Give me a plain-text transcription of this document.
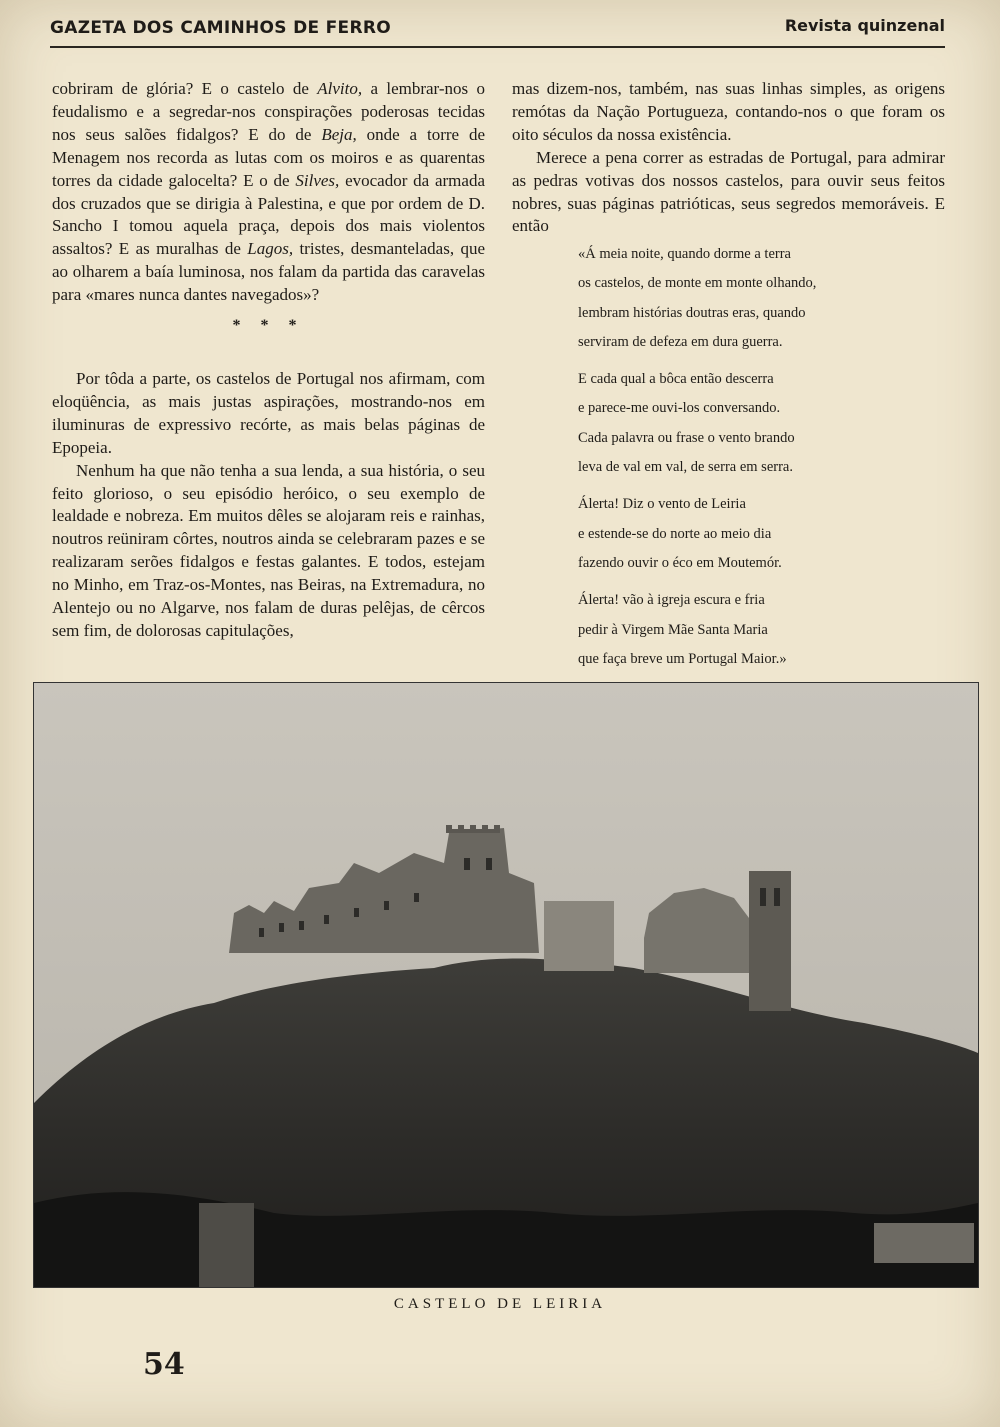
GAZETA DOS CAMINHOS DE FERRO	Revista quinzenal

cobriram de glória? E o castelo de Alvito, a lembrar-nos o feudalismo e a segredar-nos conspirações poderosas tecidas nos seus salões fidalgos? E do de Beja, onde a torre de Menagem nos recorda as lutas com os moiros e as quarentas torres da cidade galocelta? E o de Silves, evocador da armada dos cruzados que se dirigia à Palestina, e que por ordem de D. Sancho I tomou aquela praça, depois dos mais violentos assaltos? E as muralhas de Lagos, tristes, desmanteladas, que ao olharem a baía luminosa, nos falam da partida das caravelas para «mares nunca dantes navegados»?

* * *

Por tôda a parte, os castelos de Portugal nos afirmam, com eloqüência, as mais justas aspirações, mostrando-nos em iluminuras de expressivo recórte, as mais belas páginas de Epopeia.

Nenhum ha que não tenha a sua lenda, a sua história, o seu feito glorioso, o seu episódio heróico, o seu exemplo de lealdade e nobreza. Em muitos dêles se alojaram reis e rainhas, noutros reüniram côrtes, noutros ainda se celebraram pazes e se realizaram serões fidalgos e festas galantes. E todos, estejam no Minho, em Traz-os-Montes, nas Beiras, na Extremadura, no Alentejo ou no Algarve, nos falam de duras pelêjas, de cêrcos sem fim, de dolorosas capitulações,

mas dizem-nos, também, nas suas linhas simples, as origens remótas da Nação Portugueza, contando-nos o que foram os oito séculos da nossa existência.

Merece a pena correr as estradas de Portugal, para admirar as pedras votivas dos nossos castelos, para ouvir seus feitos nobres, suas páginas patrióticas, seus segredos memoráveis. E então

«Á meia noite, quando dorme a terra
os castelos, de monte em monte olhando,
lembram histórias doutras eras, quando
serviram de defeza em dura guerra.
E cada qual a bôca então descerra
e parece-me ouvi-los conversando.
Cada palavra ou frase o vento brando
leva de val em val, de serra em serra.
Álerta! Diz o vento de Leiria
e estende-se do norte ao meio dia
fazendo ouvir o éco em Moutemór.
Álerta! vão à igreja escura e fria
pedir à Virgem Mãe Santa Maria
que faça breve um Portugal Maior.»
CASTELO DE LEIRIA
54
